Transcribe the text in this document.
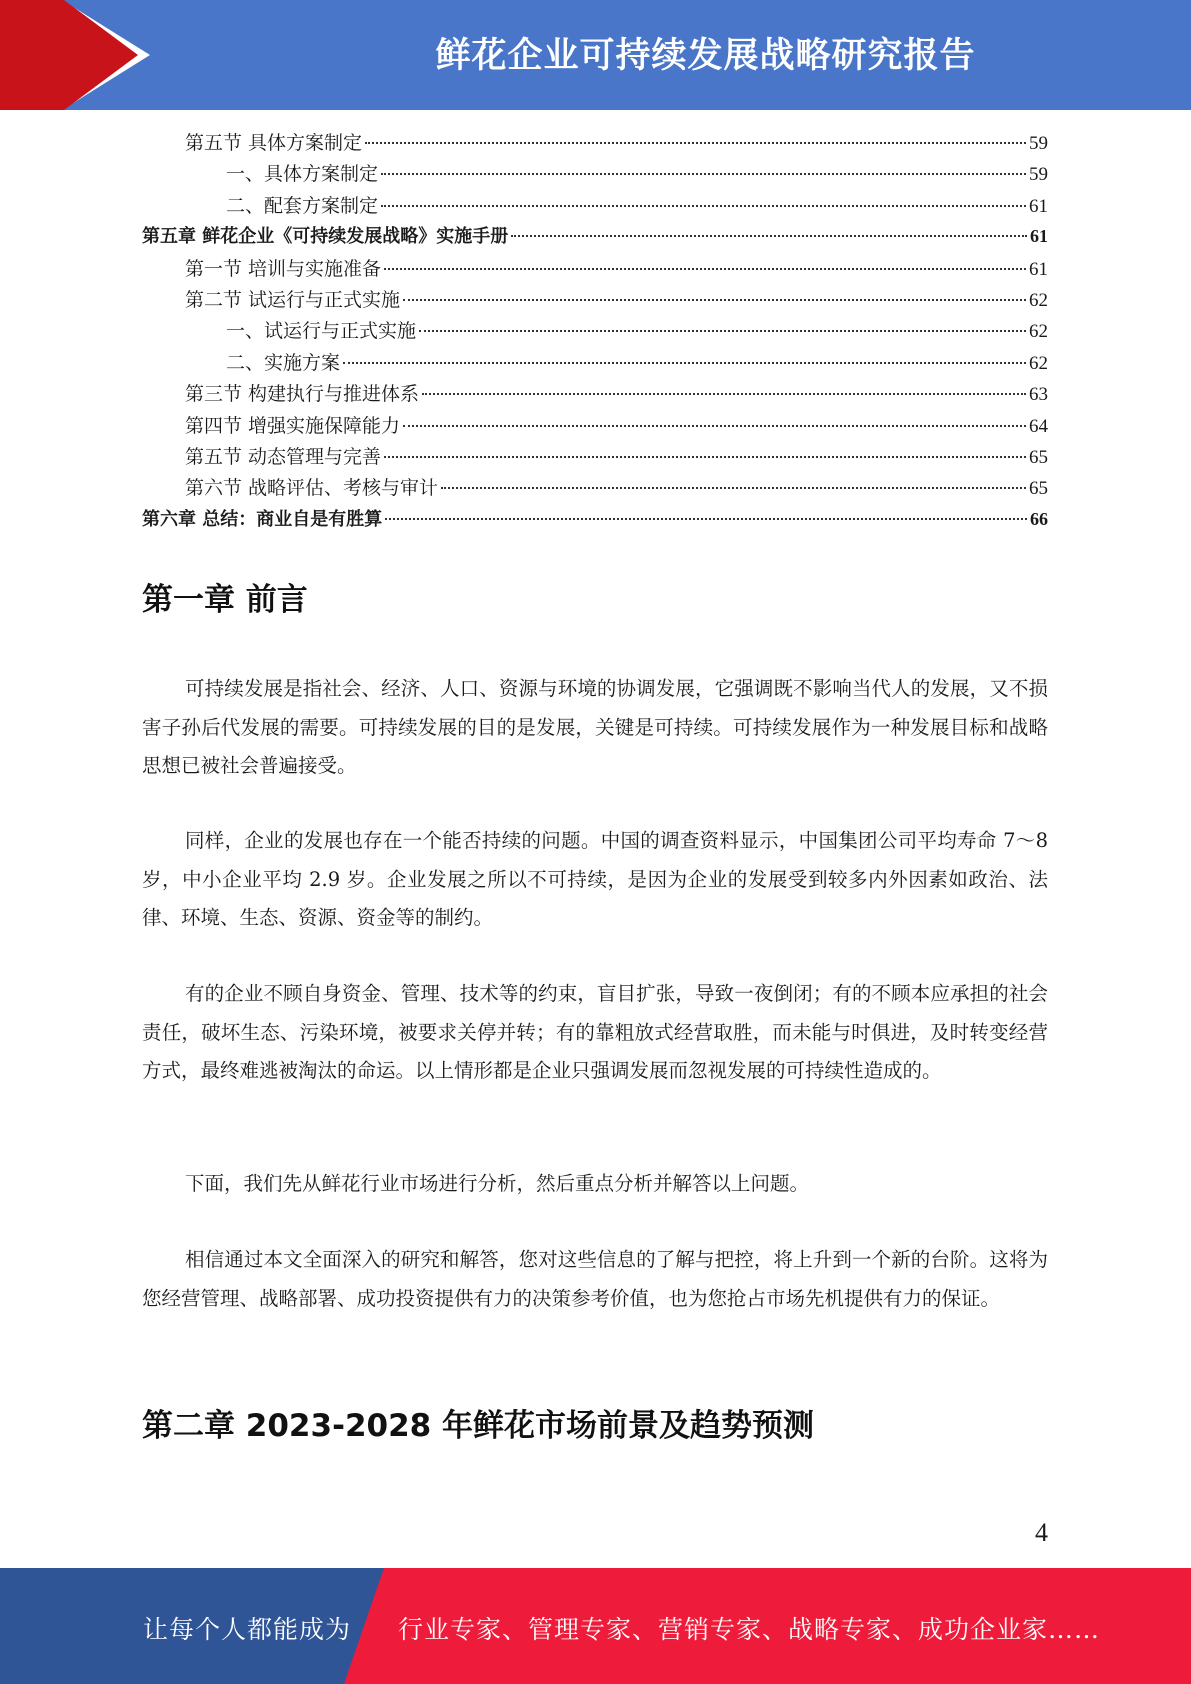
鲜花企业可持续发展战略研究报告
第五节 具体方案制定	59
一、具体方案制定	59
二、配套方案制定	61
第五章 鲜花企业《可持续发展战略》实施手册	61
第一节 培训与实施准备	61
第二节 试运行与正式实施	62
一、试运行与正式实施	62
二、实施方案	62
第三节 构建执行与推进体系	63
第四节 增强实施保障能力	64
第五节 动态管理与完善	65
第六节 战略评估、考核与审计	65
第六章 总结：商业自是有胜算	66
第一章 前言
可持续发展是指社会、经济、人口、资源与环境的协调发展，它强调既不影响当代人的发展，又不损害子孙后代发展的需要。可持续发展的目的是发展，关键是可持续。可持续发展作为一种发展目标和战略思想已被社会普遍接受。
同样，企业的发展也存在一个能否持续的问题。中国的调查资料显示，中国集团公司平均寿命 7～8 岁，中小企业平均 2.9 岁。企业发展之所以不可持续，是因为企业的发展受到较多内外因素如政治、法律、环境、生态、资源、资金等的制约。
有的企业不顾自身资金、管理、技术等的约束，盲目扩张，导致一夜倒闭；有的不顾本应承担的社会责任，破坏生态、污染环境，被要求关停并转；有的靠粗放式经营取胜，而未能与时俱进，及时转变经营方式，最终难逃被淘汰的命运。以上情形都是企业只强调发展而忽视发展的可持续性造成的。
下面，我们先从鲜花行业市场进行分析，然后重点分析并解答以上问题。
相信通过本文全面深入的研究和解答，您对这些信息的了解与把控，将上升到一个新的台阶。这将为您经营管理、战略部署、成功投资提供有力的决策参考价值，也为您抢占市场先机提供有力的保证。
第二章 2023-2028 年鲜花市场前景及趋势预测
4
让每个人都能成为 行业专家、管理专家、营销专家、战略专家、成功企业家……
